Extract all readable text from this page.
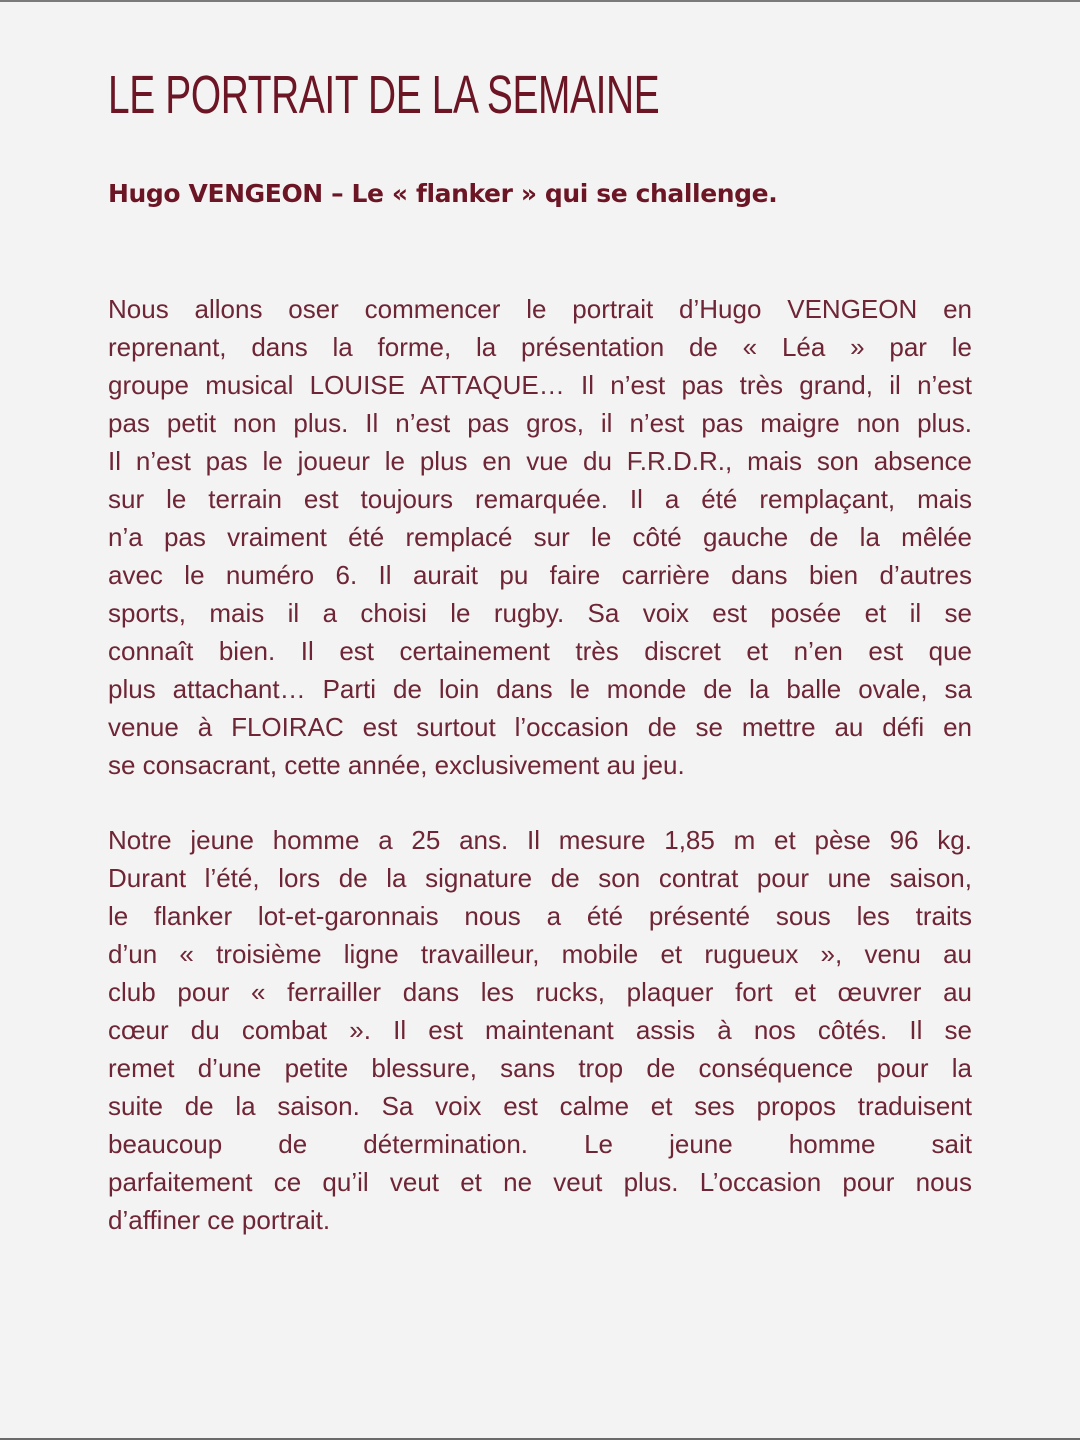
LE PORTRAIT DE LA SEMAINE
Hugo VENGEON – Le « flanker » qui se challenge.
Nous allons oser commencer le portrait d’Hugo VENGEON en
reprenant, dans la forme, la présentation de « Léa » par le
groupe musical LOUISE ATTAQUE… Il n’est pas très grand, il n’est
pas petit non plus. Il n’est pas gros, il n’est pas maigre non plus.
Il n’est pas le joueur le plus en vue du F.R.D.R., mais son absence
sur le terrain est toujours remarquée. Il a été remplaçant, mais
n’a pas vraiment été remplacé sur le côté gauche de la mêlée
avec le numéro 6. Il aurait pu faire carrière dans bien d’autres
sports, mais il a choisi le rugby. Sa voix est posée et il se
connaît bien. Il est certainement très discret et n’en est que
plus attachant… Parti de loin dans le monde de la balle ovale, sa
venue à FLOIRAC est surtout l’occasion de se mettre au défi en
se consacrant, cette année, exclusivement au jeu.
Notre jeune homme a 25 ans. Il mesure 1,85 m et pèse 96 kg.
Durant l’été, lors de la signature de son contrat pour une saison,
le flanker lot-et-garonnais nous a été présenté sous les traits
d’un « troisième ligne travailleur, mobile et rugueux », venu au
club pour « ferrailler dans les rucks, plaquer fort et œuvrer au
cœur du combat ». Il est maintenant assis à nos côtés. Il se
remet d’une petite blessure, sans trop de conséquence pour la
suite de la saison. Sa voix est calme et ses propos traduisent
beaucoup de détermination. Le jeune homme sait
parfaitement ce qu’il veut et ne veut plus. L’occasion pour nous
d’affiner ce portrait.
